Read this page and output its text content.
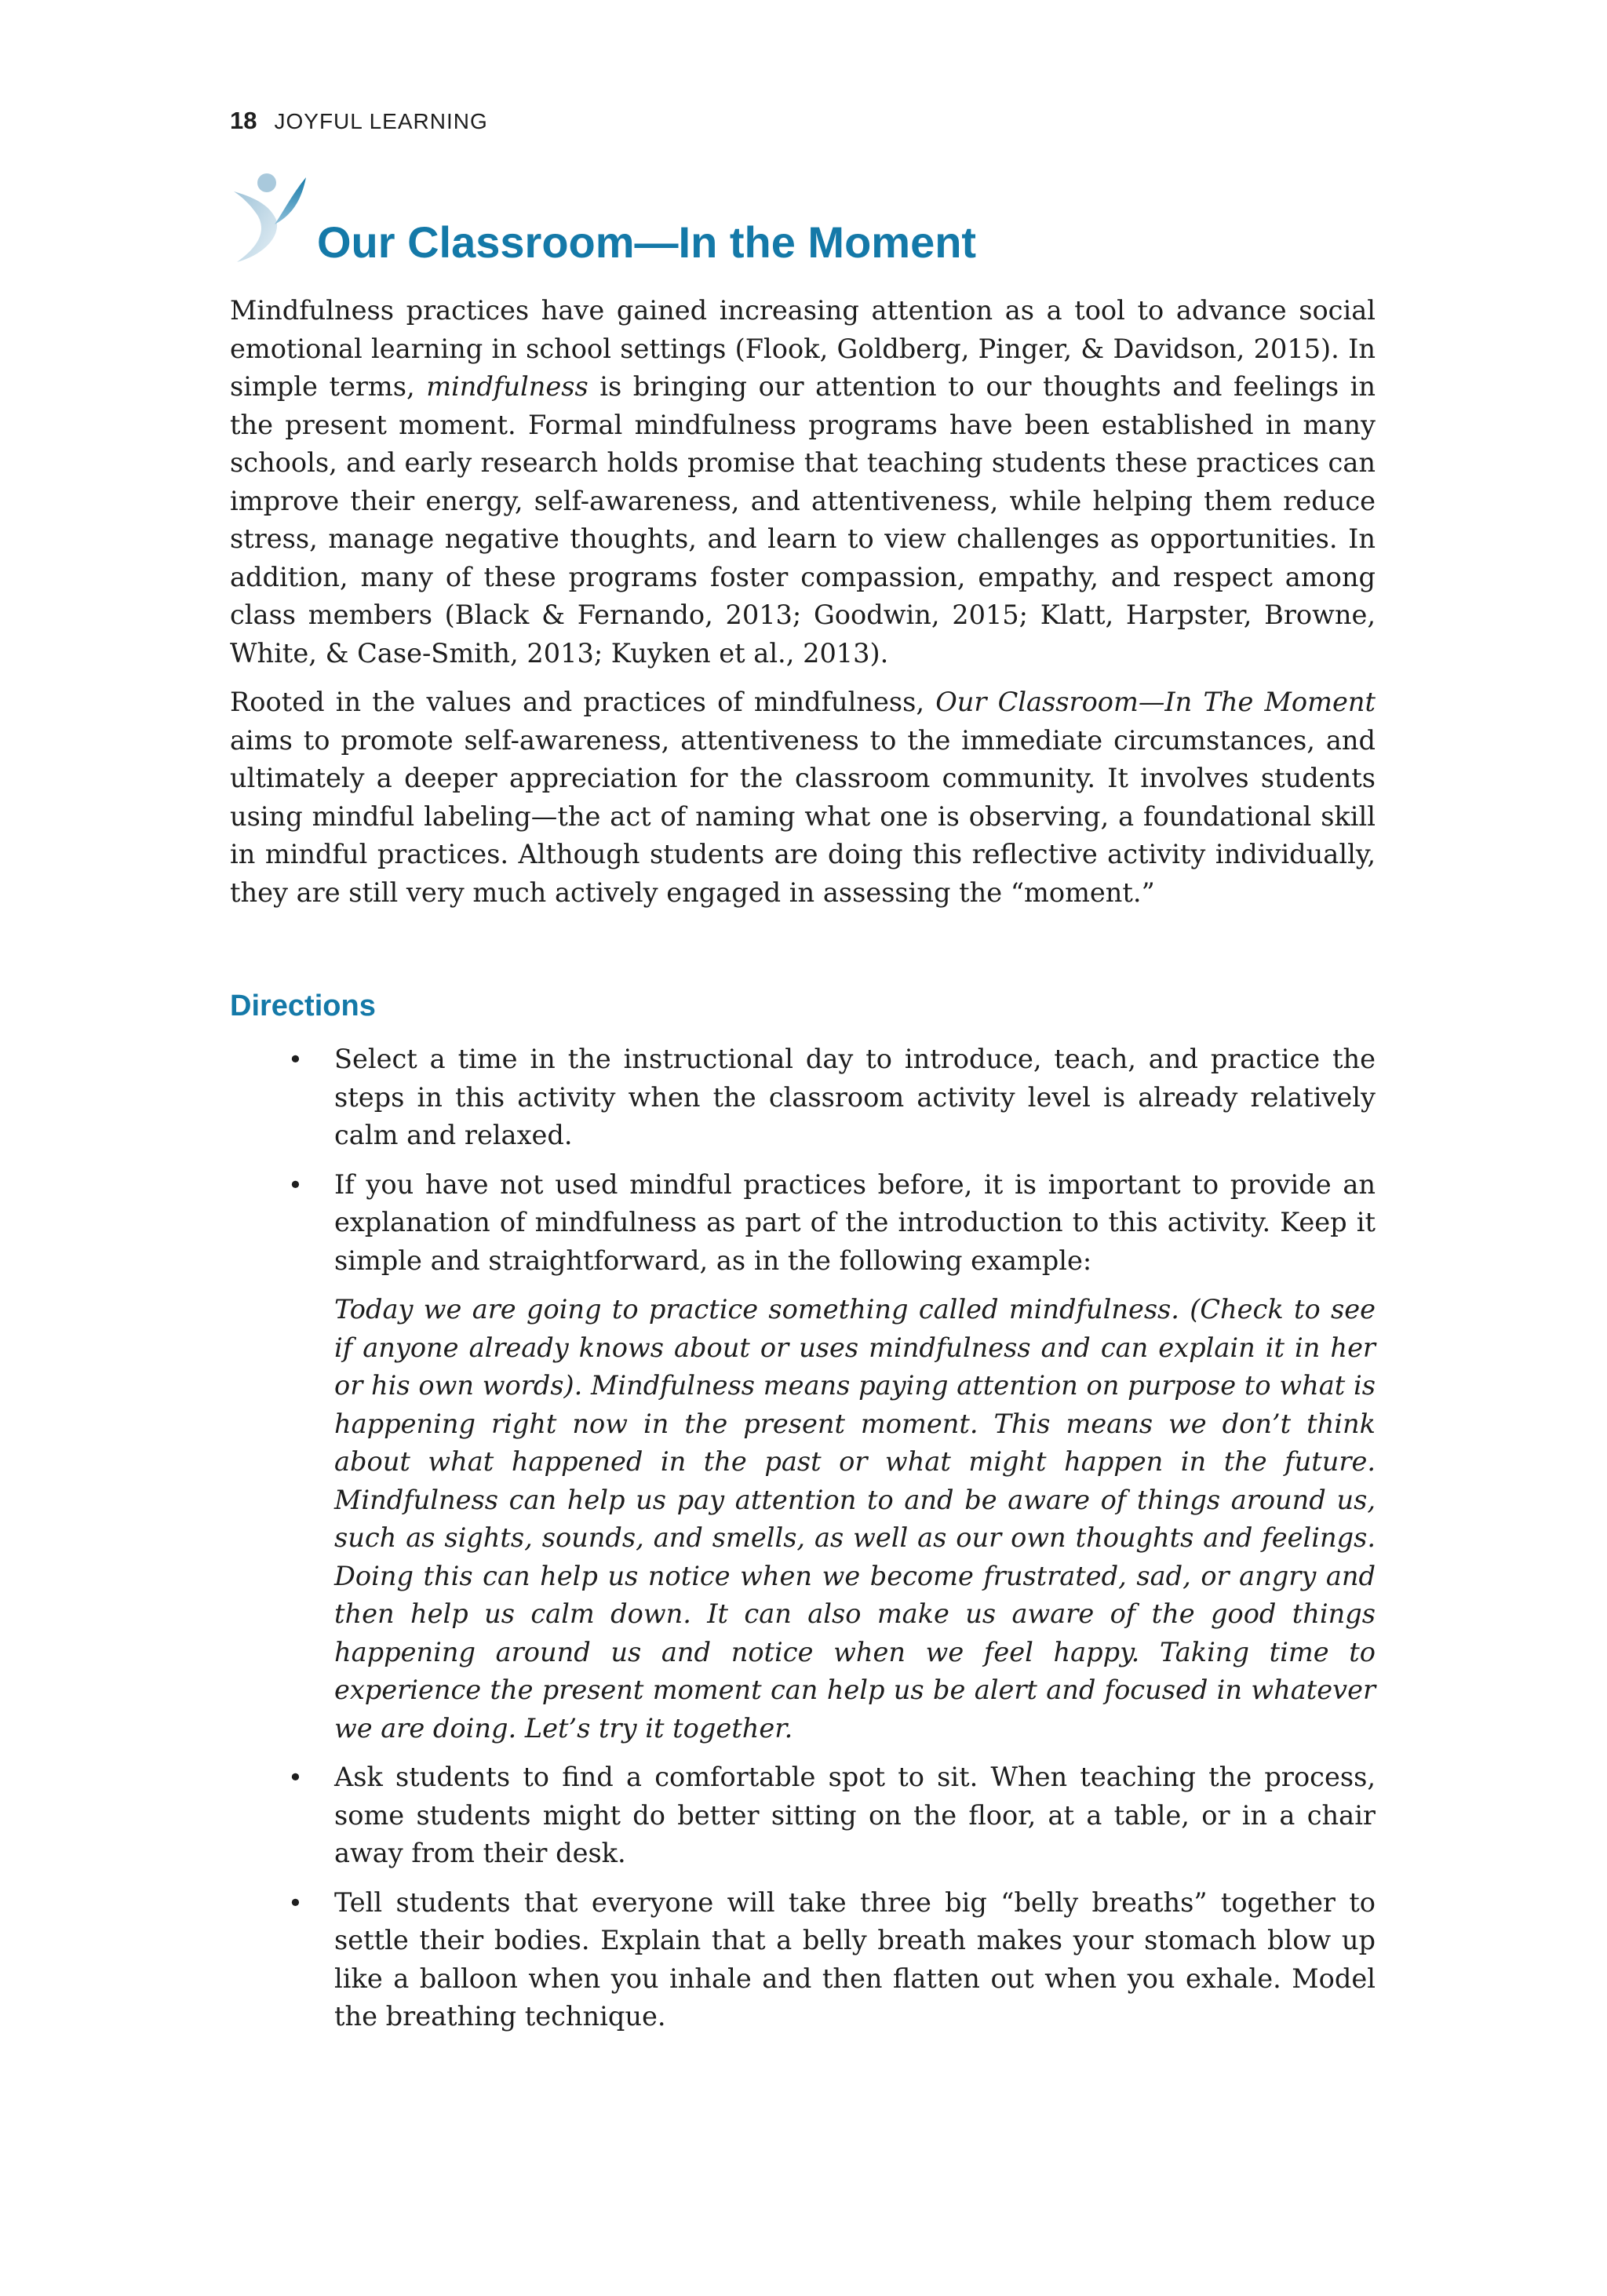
18 JOYFUL LEARNING
Our Classroom—In the Moment

Mindfulness practices have gained increasing attention as a tool to advance social emotional learning in school settings (Flook, Goldberg, Pinger, & Davidson, 2015). In simple terms, mindfulness is bringing our attention to our thoughts and feelings in the present moment. Formal mindfulness programs have been established in many schools, and early research holds promise that teaching students these practices can improve their energy, self-awareness, and attentiveness, while helping them reduce stress, manage negative thoughts, and learn to view challenges as opportunities. In addition, many of these programs foster compassion, empathy, and respect among class members (Black & Fernando, 2013; Goodwin, 2015; Klatt, Harpster, Browne, White, & Case-Smith, 2013; Kuyken et al., 2013).

Rooted in the values and practices of mindfulness, Our Classroom—In The Moment aims to promote self-awareness, attentiveness to the immediate circumstances, and ultimately a deeper appreciation for the classroom community. It involves students using mindful labeling—the act of naming what one is observing, a foundational skill in mindful practices. Although students are doing this reflective activity individually, they are still very much actively engaged in assessing the “moment.”

Directions
• Select a time in the instructional day to introduce, teach, and practice the steps in this activity when the classroom activity level is already relatively calm and relaxed.

• If you have not used mindful practices before, it is important to provide an explanation of mindfulness as part of the introduction to this activity. Keep it simple and straightforward, as in the following example:

Today we are going to practice something called mindfulness. (Check to see if anyone already knows about or uses mindfulness and can explain it in her or his own words). Mindfulness means paying attention on purpose to what is happening right now in the present moment. This means we don’t think about what happened in the past or what might happen in the future. Mindfulness can help us pay attention to and be aware of things around us, such as sights, sounds, and smells, as well as our own thoughts and feelings. Doing this can help us notice when we become frustrated, sad, or angry and then help us calm down. It can also make us aware of the good things happening around us and notice when we feel happy. Taking time to experience the present moment can help us be alert and focused in whatever we are doing. Let’s try it together.

• Ask students to find a comfortable spot to sit. When teaching the process, some students might do better sitting on the floor, at a table, or in a chair away from their desk.

• Tell students that everyone will take three big “belly breaths” together to settle their bodies. Explain that a belly breath makes your stomach blow up like a balloon when you inhale and then flatten out when you exhale. Model the breathing technique.
